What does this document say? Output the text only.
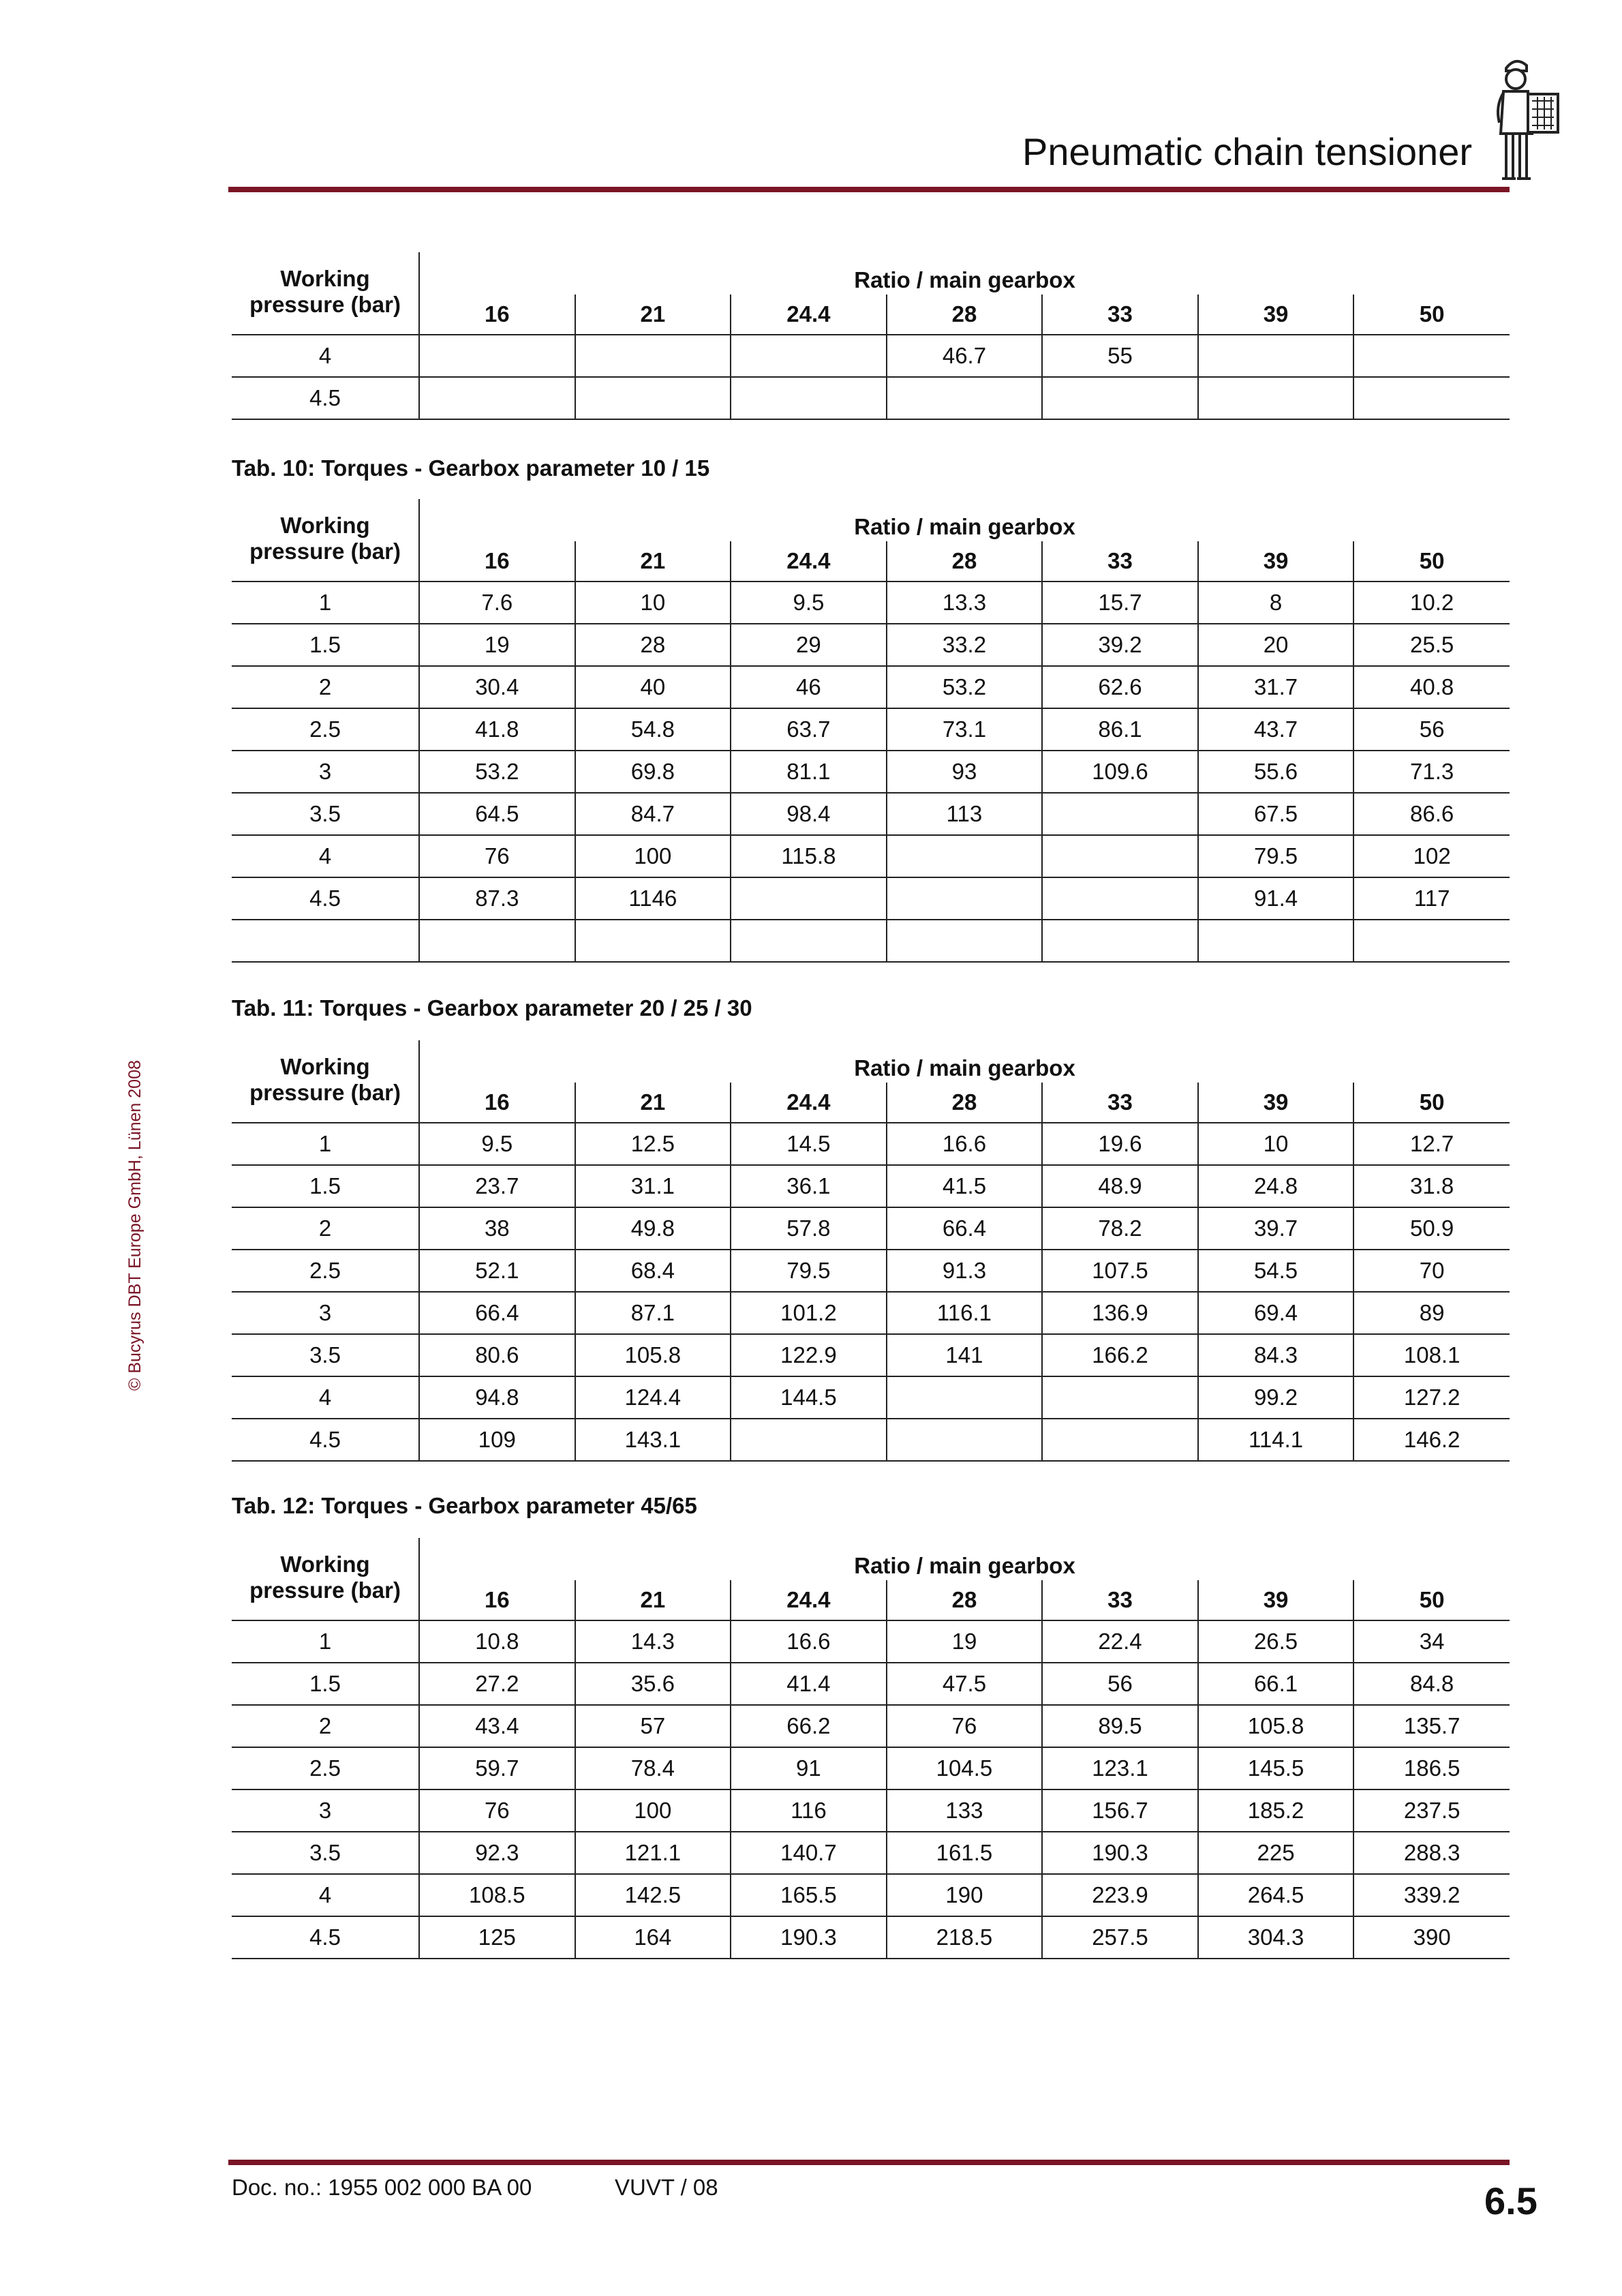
Pneumatic chain tensioner
© Bucyrus DBT Europe GmbH, Lünen 2008
Working pressure (bar)	Ratio / main gearbox						
	16	21	24.4	28	33	39	50
4				46.7	55		
4.5							
Tab. 10: Torques - Gearbox parameter 10 / 15
Working pressure (bar)	Ratio / main gearbox						
	16	21	24.4	28	33	39	50
1	7.6	10	9.5	13.3	15.7	8	10.2
1.5	19	28	29	33.2	39.2	20	25.5
2	30.4	40	46	53.2	62.6	31.7	40.8
2.5	41.8	54.8	63.7	73.1	86.1	43.7	56
3	53.2	69.8	81.1	93	109.6	55.6	71.3
3.5	64.5	84.7	98.4	113		67.5	86.6
4	76	100	115.8			79.5	102
4.5	87.3	1146				91.4	117

Tab. 11: Torques - Gearbox parameter 20 / 25 / 30
Working pressure (bar)	Ratio / main gearbox						
	16	21	24.4	28	33	39	50
1	9.5	12.5	14.5	16.6	19.6	10	12.7
1.5	23.7	31.1	36.1	41.5	48.9	24.8	31.8
2	38	49.8	57.8	66.4	78.2	39.7	50.9
2.5	52.1	68.4	79.5	91.3	107.5	54.5	70
3	66.4	87.1	101.2	116.1	136.9	69.4	89
3.5	80.6	105.8	122.9	141	166.2	84.3	108.1
4	94.8	124.4	144.5			99.2	127.2
4.5	109	143.1				114.1	146.2
Tab. 12: Torques - Gearbox parameter 45/65
Working pressure (bar)	Ratio / main gearbox						
	16	21	24.4	28	33	39	50
1	10.8	14.3	16.6	19	22.4	26.5	34
1.5	27.2	35.6	41.4	47.5	56	66.1	84.8
2	43.4	57	66.2	76	89.5	105.8	135.7
2.5	59.7	78.4	91	104.5	123.1	145.5	186.5
3	76	100	116	133	156.7	185.2	237.5
3.5	92.3	121.1	140.7	161.5	190.3	225	288.3
4	108.5	142.5	165.5	190	223.9	264.5	339.2
4.5	125	164	190.3	218.5	257.5	304.3	390
Doc. no.: 1955 002 000 BA 00	VUVT / 08	6.5
